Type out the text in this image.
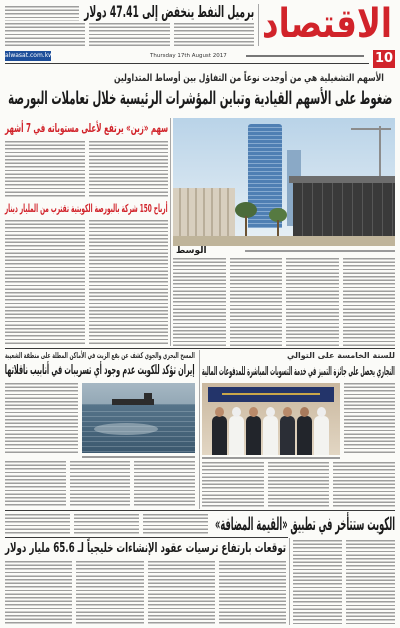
الاقتصاد
برميل النفط ينخفض إلى 47.41 دولار
alwasat.com.kw	Thursday 17th August 2017	10
الأسهم التشغيلية هي من أوجدت نوعاً من التفاؤل بين أوساط المتداولين
ضغوط على الأسهم القيادية وتباين المؤشرات الرئيسية خلال تعاملات البورصة
سهم «زين» يرتفع لأعلى مستوياته في 7 أشهر
أرباح 150 شركة بالبورصة الكويتية تقترب من المليار دينار
الوسط
المسح البحري والجوي كشف عن بقع الزيت في الأماكن المطلة على منطقة الشعيبة
إيران تؤكد للكويت عدم وجود أي تسريبات في أنابيب ناقلاتها
للسنة الخامسة على التوالي
النجاري يحصل على جائزة التميز في خدمة التسويات المباشرة للمدفوعات المالية
الكويت ستتأخر في تطبيق «القيمة المضافة»
توقعات بارتفاع ترسيات عقود الإنشاءات خليجياً لـ 65.6 مليار دولار
